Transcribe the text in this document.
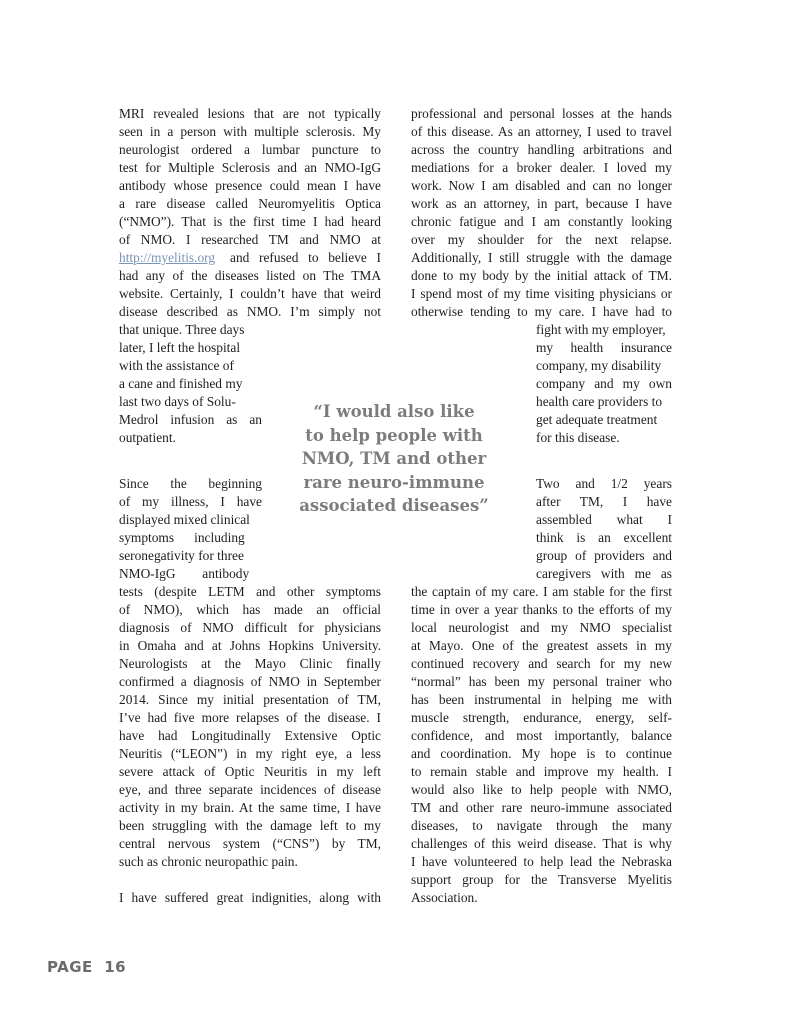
MRI revealed lesions that are not typically
seen in a person with multiple sclerosis. My
neurologist ordered a lumbar puncture to
test for Multiple Sclerosis and an NMO-IgG
antibody whose presence could mean I have
a rare disease called Neuromyelitis Optica
(“NMO”). That is the first time I had heard
of NMO. I researched TM and NMO at
http://myelitis.org and refused to believe I
had any of the diseases listed on The TMA
website. Certainly, I couldn’t have that weird
disease described as NMO. I’m simply not
that unique. Three days
later, I left the hospital
with the assistance of
a cane and finished my
last two days of Solu-
Medrol infusion as an
outpatient.
Since the beginning
of my illness, I have
displayed mixed clinical
symptoms      including
seronegativity for three
NMO-IgG        antibody
tests (despite LETM and other symptoms
of NMO), which has made an official
diagnosis of NMO difficult for physicians
in Omaha and at Johns Hopkins University.
Neurologists at the Mayo Clinic finally
confirmed a diagnosis of NMO in September
2014. Since my initial presentation of TM,
I’ve had five more relapses of the disease. I
have had Longitudinally Extensive Optic
Neuritis (“LEON”) in my right eye, a less
severe attack of Optic Neuritis in my left
eye, and three separate incidences of disease
activity in my brain. At the same time, I have
been struggling with the damage left to my
central nervous system (“CNS”) by TM,
such as chronic neuropathic pain.
I have suffered great indignities, along with
professional and personal losses at the hands
of this disease. As an attorney, I used to travel
across the country handling arbitrations and
mediations for a broker dealer. I loved my
work. Now I am disabled and can no longer
work as an attorney, in part, because I have
chronic fatigue and I am constantly looking
over my shoulder for the next relapse.
Additionally, I still struggle with the damage
done to my body by the initial attack of TM.
I spend most of my time visiting physicians or
otherwise tending to my care. I have had to
fight with my employer,
my health insurance
company, my disability
company and my own
health care providers to
get adequate treatment
for this disease.
Two and 1/2 years
after TM, I have
assembled what I
think is an excellent
group of providers and
caregivers with me as
the captain of my care. I am stable for the first
time in over a year thanks to the efforts of my
local neurologist and my NMO specialist
at Mayo. One of the greatest assets in my
continued recovery and search for my new
“normal” has been my personal trainer who
has been instrumental in helping me with
muscle strength, endurance, energy, self-
confidence, and most importantly, balance
and coordination. My hope is to continue
to remain stable and improve my health. I
would also like to help people with NMO,
TM and other rare neuro-immune associated
diseases, to navigate through the many
challenges of this weird disease. That is why
I have volunteered to help lead the Nebraska
support group for the Transverse Myelitis
Association.
“I would also like
to help people with
NMO, TM and other
rare neuro-immune
associated diseases”
PAGE  16
